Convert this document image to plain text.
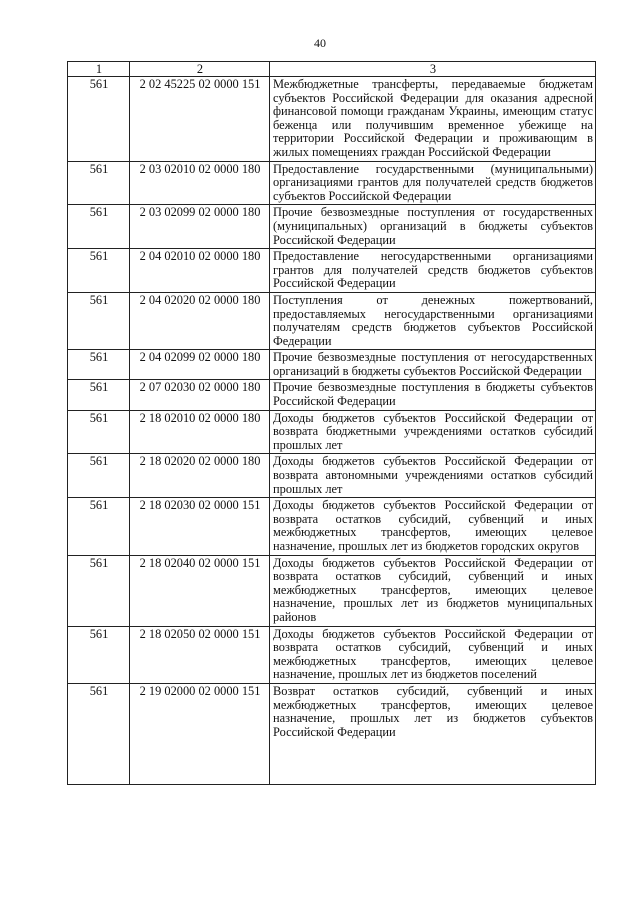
40
1	2	3
561	2 02 45225 02 0000 151	Межбюджетные трансферты, передаваемые бюджетам субъектов Российской Федерации для оказания адресной финансовой помощи гражданам Украины, имеющим статус беженца или получившим временное убежище на территории Российской Федерации и проживающим в жилых помещениях граждан Российской Федерации
561	2 03 02010 02 0000 180	Предоставление государственными (муниципальными) организациями грантов для получателей средств бюджетов субъектов Российской Федерации
561	2 03 02099 02 0000 180	Прочие безвозмездные поступления от государственных (муниципальных) организаций в бюджеты субъектов Российской Федерации
561	2 04 02010 02 0000 180	Предоставление негосударственными организациями грантов для получателей средств бюджетов субъектов Российской Федерации
561	2 04 02020 02 0000 180	Поступления от денежных пожертвований, предоставляемых негосударственными организациями получателям средств бюджетов субъектов Российской Федерации
561	2 04 02099 02 0000 180	Прочие безвозмездные поступления от негосударственных организаций в бюджеты субъектов Российской Федерации
561	2 07 02030 02 0000 180	Прочие безвозмездные поступления в бюджеты субъектов Российской Федерации
561	2 18 02010 02 0000 180	Доходы бюджетов субъектов Российской Федерации от возврата бюджетными учреждениями остатков субсидий прошлых лет
561	2 18 02020 02 0000 180	Доходы бюджетов субъектов Российской Федерации от возврата автономными учреждениями остатков субсидий прошлых лет
561	2 18 02030 02 0000 151	Доходы бюджетов субъектов Российской Федерации от возврата остатков субсидий, субвенций и иных межбюджетных трансфертов, имеющих целевое назначение, прошлых лет из бюджетов городских округов
561	2 18 02040 02 0000 151	Доходы бюджетов субъектов Российской Федерации от возврата остатков субсидий, субвенций и иных межбюджетных трансфертов, имеющих целевое назначение, прошлых лет из бюджетов муниципальных районов
561	2 18 02050 02 0000 151	Доходы бюджетов субъектов Российской Федерации от возврата остатков субсидий, субвенций и иных межбюджетных трансфертов, имеющих целевое назначение, прошлых лет из бюджетов поселений
561	2 19 02000 02 0000 151	Возврат остатков субсидий, субвенций и иных межбюджетных трансфертов, имеющих целевое назначение, прошлых лет из бюджетов субъектов Российской Федерации
